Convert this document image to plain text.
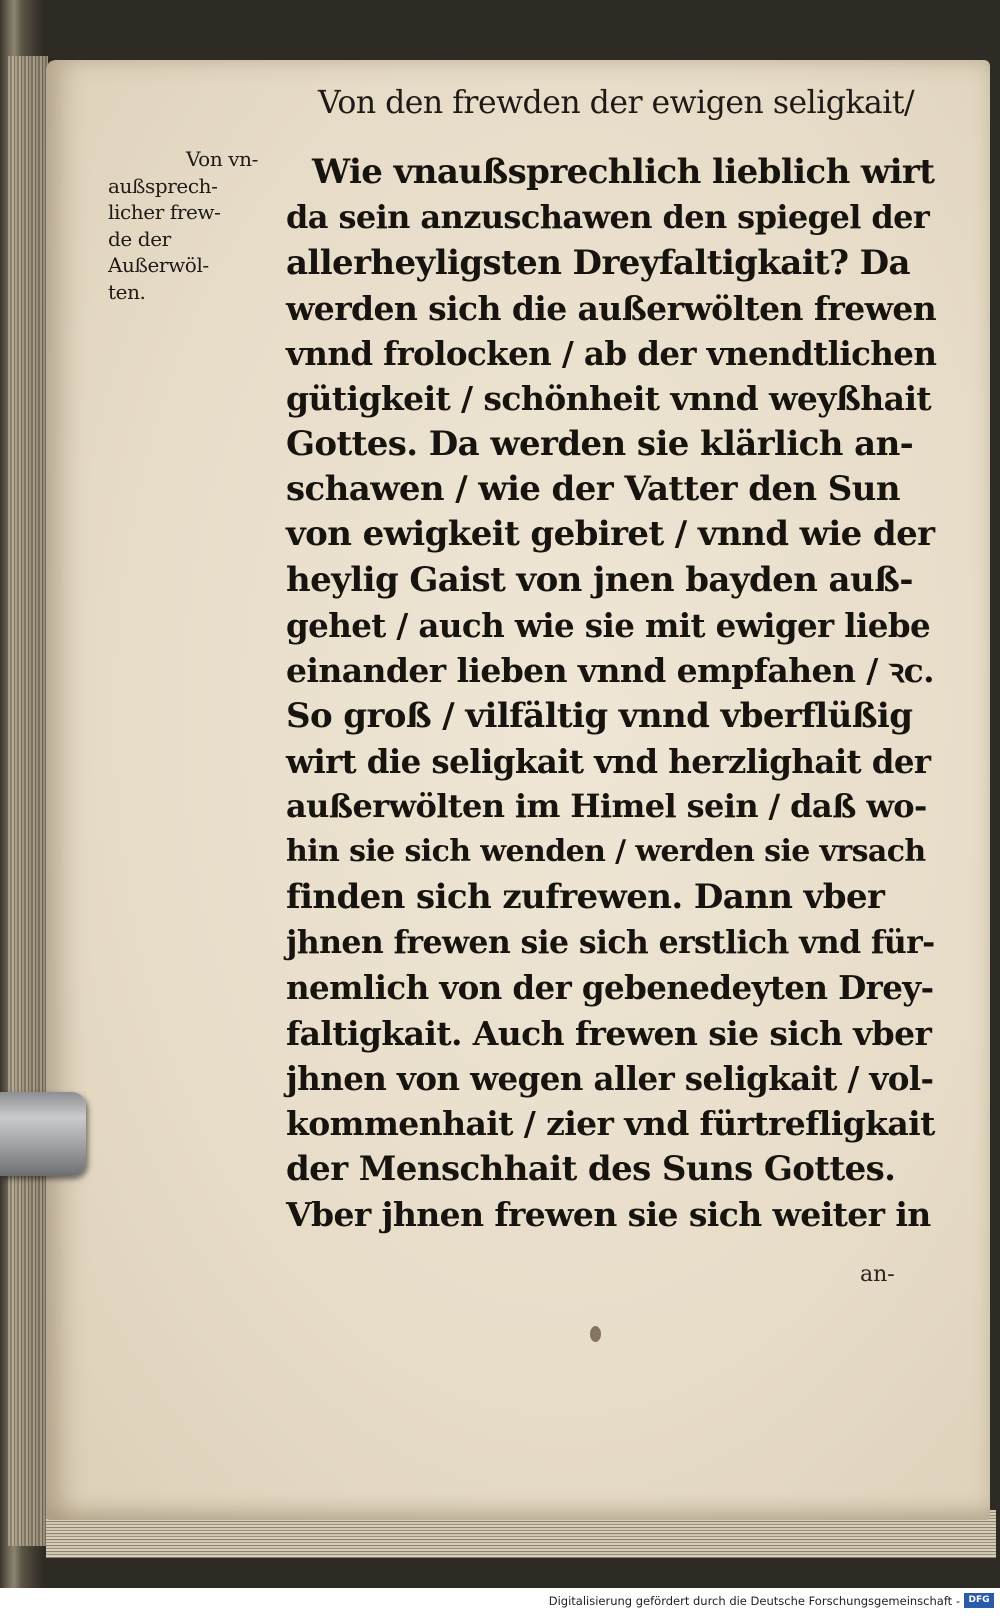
Von den frewden der ewigen seligkait/
Von vn-
außsprech-
licher frew-
de der
Außerwöl-
ten.
Wie vnaußsprechlich lieblich wirt
da sein anzuschawen den spiegel der
allerheyligsten Dreyfaltigkait? Da
werden sich die außerwölten frewen
vnnd frolocken / ab der vnendtlichen
gütigkeit / schönheit vnnd weyßhait
Gottes. Da werden sie klärlich an-
schawen / wie der Vatter den Sun
von ewigkeit gebiret / vnnd wie der
heylig Gaist von jnen bayden auß-
gehet / auch wie sie mit ewiger liebe
einander lieben vnnd empfahen / ꝛc.
So groß / vilfältig vnnd vberflüßig
wirt die seligkait vnd herzlighait der
außerwölten im Himel sein / daß wo-
hin sie sich wenden / werden sie vrsach
finden sich zufrewen. Dann vber
jhnen frewen sie sich erstlich vnd für-
nemlich von der gebenedeyten Drey-
faltigkait. Auch frewen sie sich vber
jhnen von wegen aller seligkait / vol-
kommenhait / zier vnd fürtrefligkait
der Menschhait des Suns Gottes.
Vber jhnen frewen sie sich weiter in
an-
Digitalisierung gefördert durch die Deutsche Forschungsgemeinschaft - DFG
